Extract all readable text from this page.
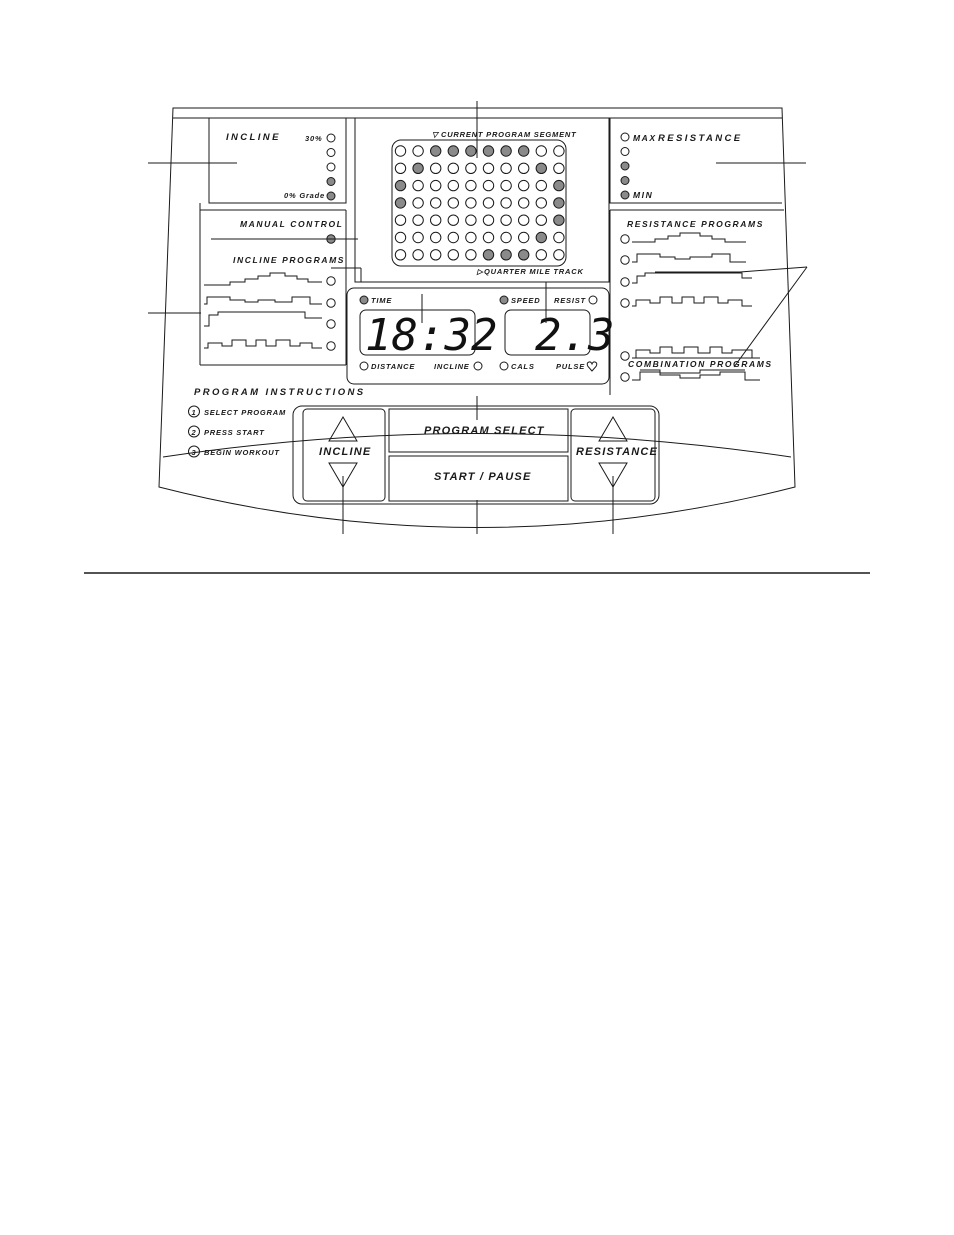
INCLINE	30%
0% Grade
▽ CURRENT PROGRAM SEGMENT
▷ QUARTER MILE TRACK
MAX RESISTANCE
MIN
MANUAL CONTROL
INCLINE PROGRAMS
TIME	SPEED RESIST
18:32 2.3
DISTANCE	INCLINE	CALS	PULSE
RESISTANCE PROGRAMS
COMBINATION PROGRAMS
PROGRAM INSTRUCTIONS
1 SELECT PROGRAM
2 PRESS START
3 BEGIN WORKOUT	INCLINE
PROGRAM SELECT
START / PAUSE
RESISTANCE
